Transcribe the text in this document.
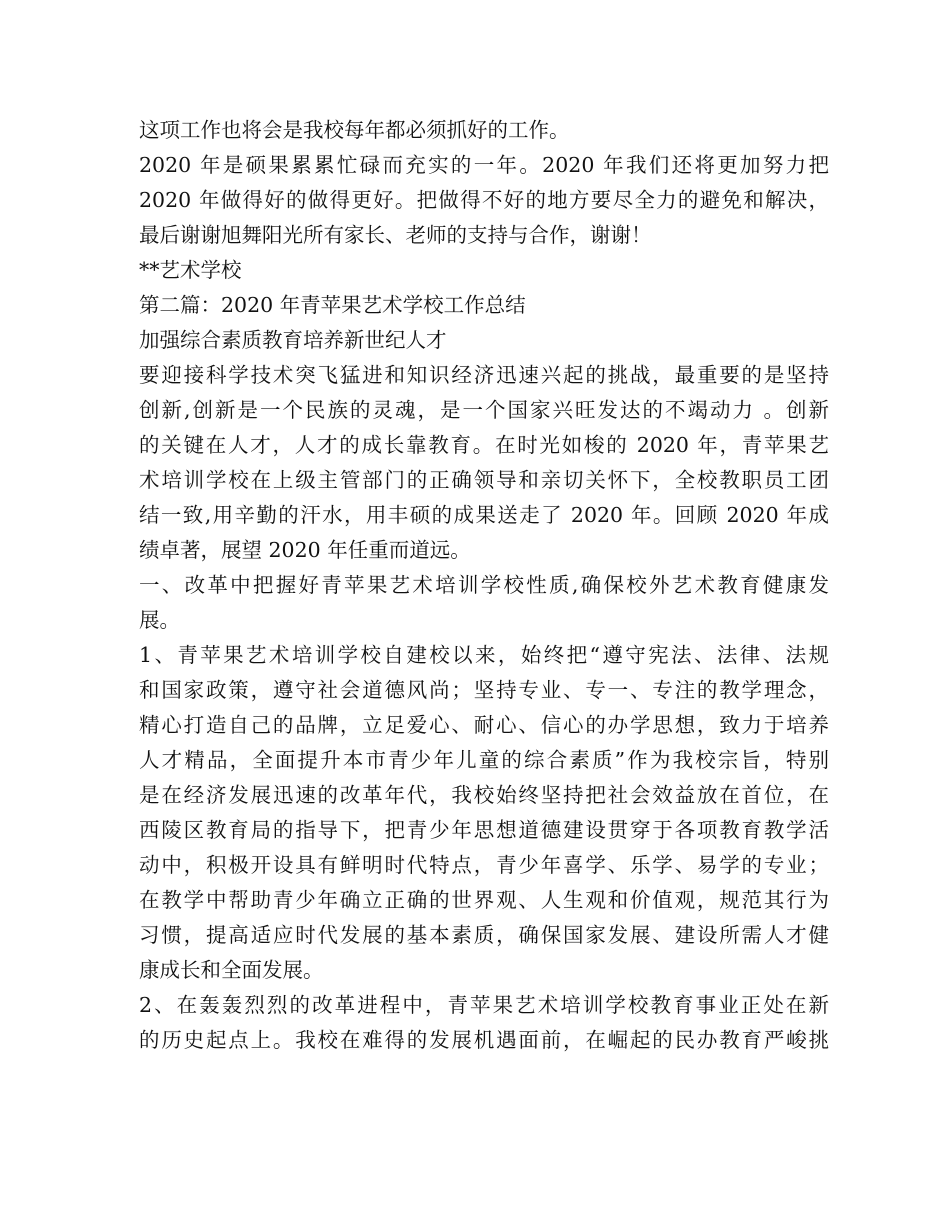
这项工作也将会是我校每年都必须抓好的工作。
2020 年是硕果累累忙碌而充实的一年。2020 年我们还将更加努力把
2020 年做得好的做得更好。把做得不好的地方要尽全力的避免和解决，
最后谢谢旭舞阳光所有家长、老师的支持与合作，谢谢！
**艺术学校
第二篇：2020 年青苹果艺术学校工作总结
加强综合素质教育培养新世纪人才
要迎接科学技术突飞猛进和知识经济迅速兴起的挑战，最重要的是坚持
创新,创新是一个民族的灵魂，是一个国家兴旺发达的不竭动力 。创新
的关键在人才，人才的成长靠教育。在时光如梭的 2020 年，青苹果艺
术培训学校在上级主管部门的正确领导和亲切关怀下，全校教职员工团
结一致,用辛勤的汗水，用丰硕的成果送走了 2020 年。回顾 2020 年成
绩卓著，展望 2020 年任重而道远。
一、改革中把握好青苹果艺术培训学校性质,确保校外艺术教育健康发
展。
1、青苹果艺术培训学校自建校以来，始终把“遵守宪法、法律、法规
和国家政策，遵守社会道德风尚；坚持专业、专一、专注的教学理念，
精心打造自己的品牌，立足爱心、耐心、信心的办学思想，致力于培养
人才精品，全面提升本市青少年儿童的综合素质”作为我校宗旨，特别
是在经济发展迅速的改革年代，我校始终坚持把社会效益放在首位，在
西陵区教育局的指导下，把青少年思想道德建设贯穿于各项教育教学活
动中，积极开设具有鲜明时代特点，青少年喜学、乐学、易学的专业；
在教学中帮助青少年确立正确的世界观、人生观和价值观，规范其行为
习惯，提高适应时代发展的基本素质，确保国家发展、建设所需人才健
康成长和全面发展。
2、在轰轰烈烈的改革进程中，青苹果艺术培训学校教育事业正处在新
的历史起点上。我校在难得的发展机遇面前，在崛起的民办教育严峻挑
